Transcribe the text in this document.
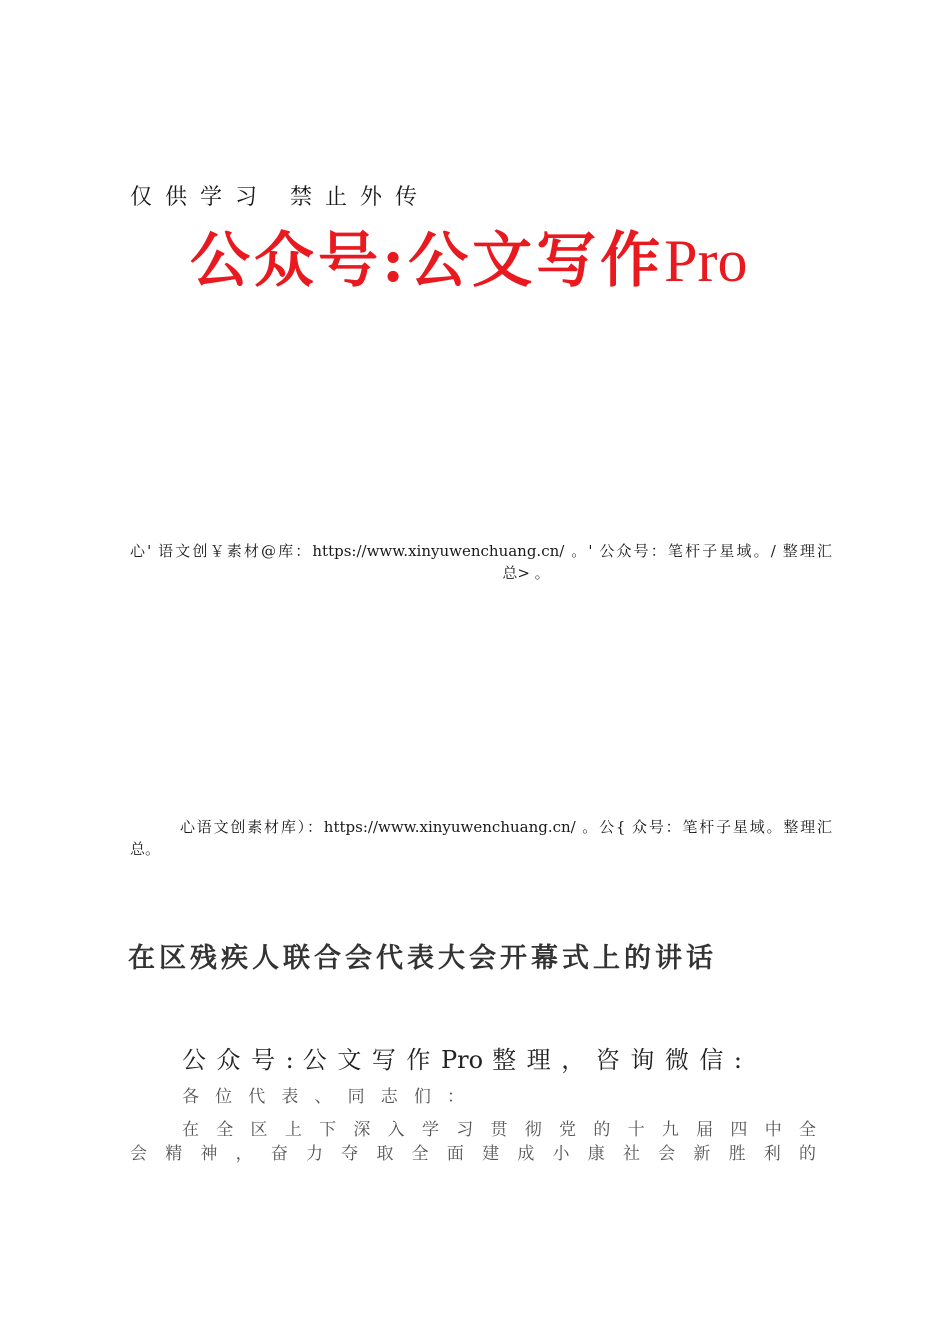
仅供学习 禁止外传
公众号:公文写作Pro
心' 语文创￥素材@库：https://www.xinyuwenchuang.cn/ 。' 公众号：笔杆子星域。/ 整理汇
总> 。
心语文创素材库）：https://www.xinyuwenchuang.cn/ 。公{ 众号：笔杆子星域。整理汇
总。
在区残疾人联合会代表大会开幕式上的讲话
公 众 号 : 公 文 写 作 Pro 整 理 ， 咨 询 微 信 :
各 位 代 表 、 同 志 们 ：
在 全 区 上 下 深 入 学 习 贯 彻 党 的 十 九 届 四 中 全
会 精 神 ， 奋 力 夺 取 全 面 建 成 小 康 社 会 新 胜 利 的
